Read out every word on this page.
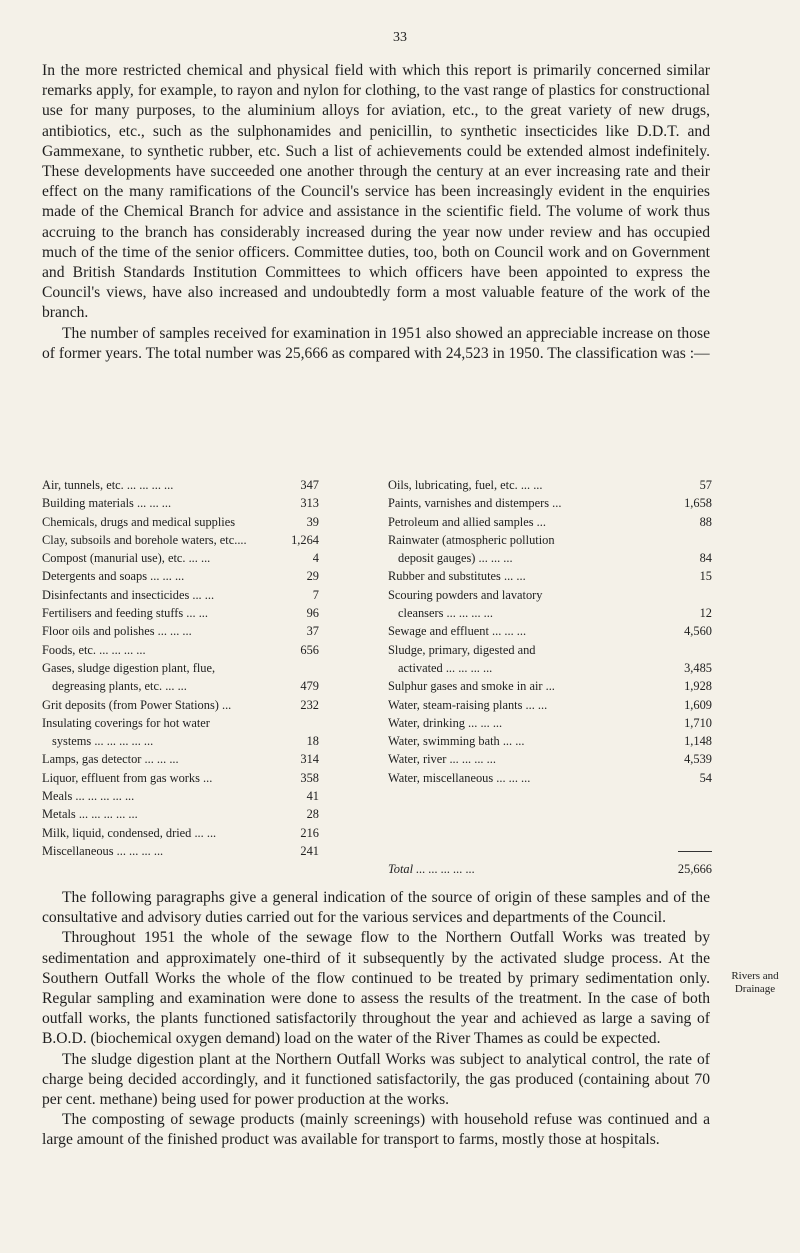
33

In the more restricted chemical and physical field with which this report is primarily concerned similar remarks apply, for example, to rayon and nylon for clothing, to the vast range of plastics for constructional use for many purposes, to the aluminium alloys for aviation, etc., to the great variety of new drugs, antibiotics, etc., such as the sulphonamides and penicillin, to synthetic insecticides like D.D.T. and Gammexane, to synthetic rubber, etc. Such a list of achievements could be extended almost indefinitely. These developments have succeeded one another through the century at an ever increasing rate and their effect on the many ramifications of the Council's service has been increasingly evident in the enquiries made of the Chemical Branch for advice and assistance in the scientific field. The volume of work thus accruing to the branch has considerably increased during the year now under review and has occupied much of the time of the senior officers. Committee duties, too, both on Council work and on Government and British Standards Institution Committees to which officers have been appointed to express the Council's views, have also increased and undoubtedly form a most valuable feature of the work of the branch.

The number of samples received for examination in 1951 also showed an appreciable increase on those of former years. The total number was 25,666 as compared with 24,523 in 1950. The classification was :—

Air, tunnels, etc. ... ... ... ...	347
Building materials ... ... ...	313
Chemicals, drugs and medical supplies	39
Clay, subsoils and borehole waters, etc....	1,264
Compost (manurial use), etc. ... ...	4
Detergents and soaps ... ... ...	29
Disinfectants and insecticides ... ...	7
Fertilisers and feeding stuffs ... ...	96
Floor oils and polishes ... ... ...	37
Foods, etc. ... ... ... ...	656
Gases, sludge digestion plant, flue,
degreasing plants, etc. ... ...	479
Grit deposits (from Power Stations) ...	232
Insulating coverings for hot water
systems ... ... ... ... ...	18
Lamps, gas detector ... ... ...	314
Liquor, effluent from gas works ...	358
Meals ... ... ... ... ...	41
Metals ... ... ... ... ...	28
Milk, liquid, condensed, dried ... ...	216
Miscellaneous ... ... ... ...	241
Oils, lubricating, fuel, etc. ... ...	57
Paints, varnishes and distempers ...	1,658
Petroleum and allied samples ...	88
Rainwater (atmospheric pollution
deposit gauges) ... ... ...	84
Rubber and substitutes ... ...	15
Scouring powders and lavatory
cleansers ... ... ... ...	12
Sewage and effluent ... ... ...	4,560
Sludge, primary, digested and
activated ... ... ... ...	3,485
Sulphur gases and smoke in air ...	1,928
Water, steam-raising plants ... ...	1,609
Water, drinking ... ... ...	1,710
Water, swimming bath ... ...	1,148
Water, river ... ... ... ...	4,539
Water, miscellaneous ... ... ...	54
Total ... ... ... ... ...	25,666

The following paragraphs give a general indication of the source of origin of these samples and of the consultative and advisory duties carried out for the various services and departments of the Council.

Throughout 1951 the whole of the sewage flow to the Northern Outfall Works was treated by sedimentation and approximately one-third of it subsequently by the activated sludge process. At the Southern Outfall Works the whole of the flow continued to be treated by primary sedimentation only. Regular sampling and examination were done to assess the results of the treatment. In the case of both outfall works, the plants functioned satisfactorily throughout the year and achieved as large a saving of B.O.D. (biochemical oxygen demand) load on the water of the River Thames as could be expected.

The sludge digestion plant at the Northern Outfall Works was subject to analytical control, the rate of charge being decided accordingly, and it functioned satisfactorily, the gas produced (containing about 70 per cent. methane) being used for power production at the works.

The composting of sewage products (mainly screenings) with household refuse was continued and a large amount of the finished product was available for transport to farms, mostly those at hospitals.

Rivers and
Drainage
